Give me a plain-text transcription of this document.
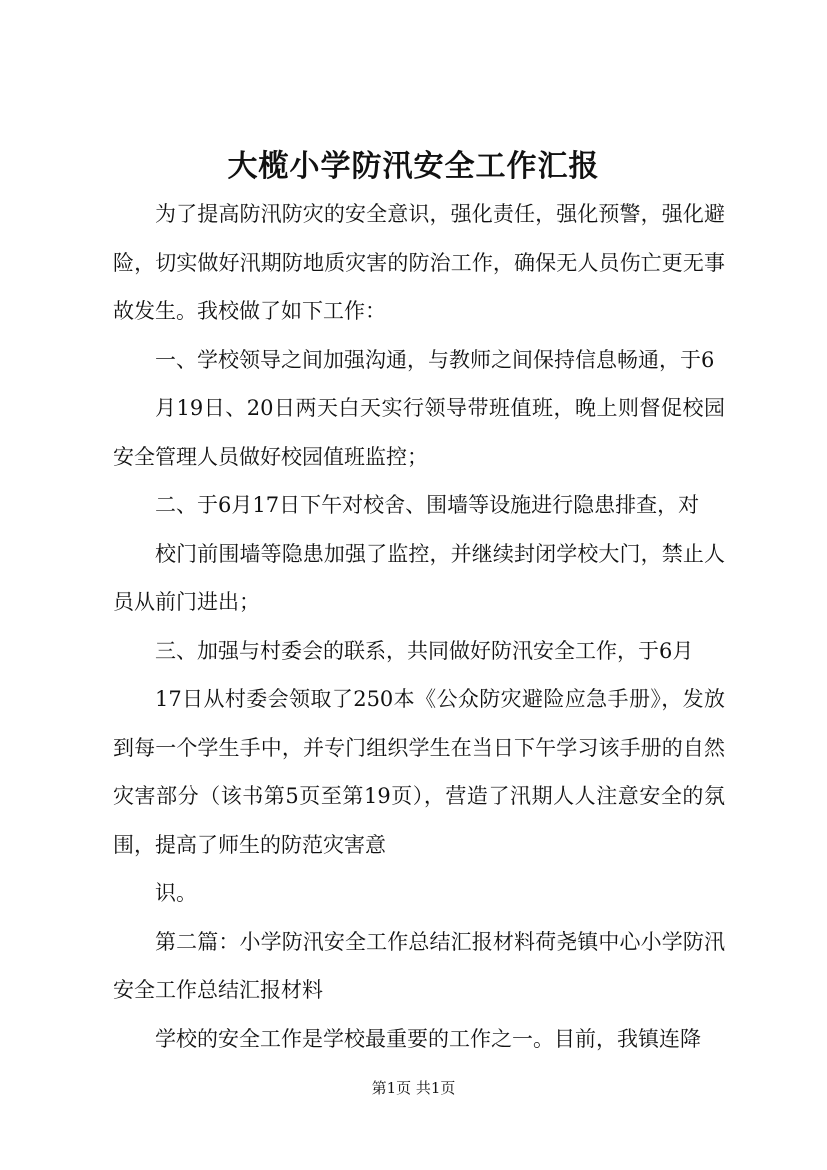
大榄小学防汛安全工作汇报

为了提高防汛防灾的安全意识，强化责任，强化预警，强化避险，切实做好汛期防地质灾害的防治工作，确保无人员伤亡更无事故发生。我校做了如下工作：

一、学校领导之间加强沟通，与教师之间保持信息畅通，于6

月19日、20日两天白天实行领导带班值班，晚上则督促校园安全管理人员做好校园值班监控；

二、于6月17日下午对校舍、围墙等设施进行隐患排查，对

校门前围墙等隐患加强了监控，并继续封闭学校大门，禁止人员从前门进出；

三、加强与村委会的联系，共同做好防汛安全工作，于6月

17日从村委会领取了250本《公众防灾避险应急手册》，发放到每一个学生手中，并专门组织学生在当日下午学习该手册的自然灾害部分（该书第5页至第19页），营造了汛期人人注意安全的氛围，提高了师生的防范灾害意

识。

第二篇：小学防汛安全工作总结汇报材料荷尧镇中心小学防汛安全工作总结汇报材料

学校的安全工作是学校最重要的工作之一。目前，我镇连降

第1页 共1页
